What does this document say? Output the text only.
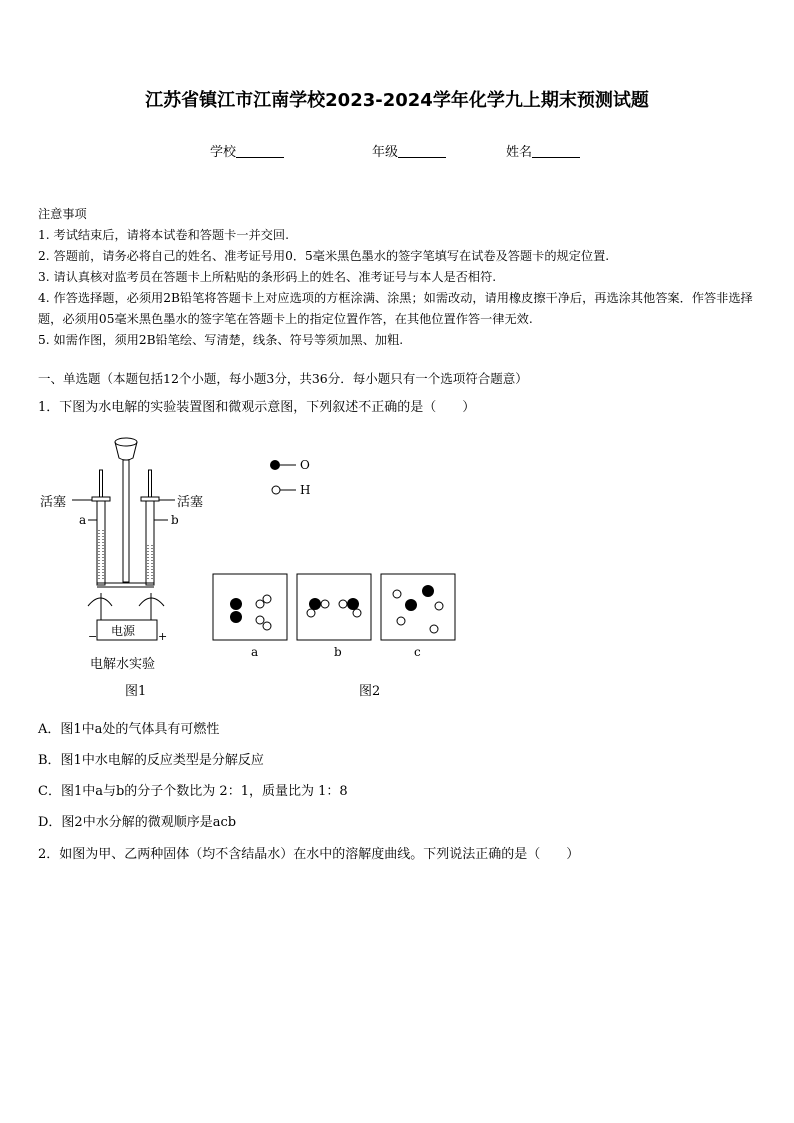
江苏省镇江市江南学校2023-2024学年化学九上期末预测试题
学校	年级	姓名

注意事项

1. 考试结束后，请将本试卷和答题卡一并交回.

2. 答题前，请务必将自己的姓名、准考证号用0．5毫米黑色墨水的签字笔填写在试卷及答题卡的规定位置.

3. 请认真核对监考员在答题卡上所粘贴的条形码上的姓名、准考证号与本人是否相符.

4. 作答选择题，必须用2B铅笔将答题卡上对应选项的方框涂满、涂黑；如需改动，请用橡皮擦干净后，再选涂其他答案．作答非选择题，必须用05毫米黑色墨水的签字笔在答题卡上的指定位置作答，在其他位置作答一律无效.

5. 如需作图，须用2B铅笔绘、写清楚，线条、符号等须加黑、加粗.

一、单选题（本题包括12个小题，每小题3分，共36分．每小题只有一个选项符合题意）
1．下图为水电解的实验装置图和微观示意图，下列叙述不正确的是（　　）
活塞	活塞
a	b
电源
−	+
电解水实验
图1
O
H
a	b	c
图2
A．图1中a处的气体具有可燃性
B．图1中水电解的反应类型是分解反应
C．图1中a与b的分子个数比为 2：1，质量比为 1：8
D．图2中水分解的微观顺序是acb
2．如图为甲、乙两种固体（均不含结晶水）在水中的溶解度曲线。下列说法正确的是（　　）
